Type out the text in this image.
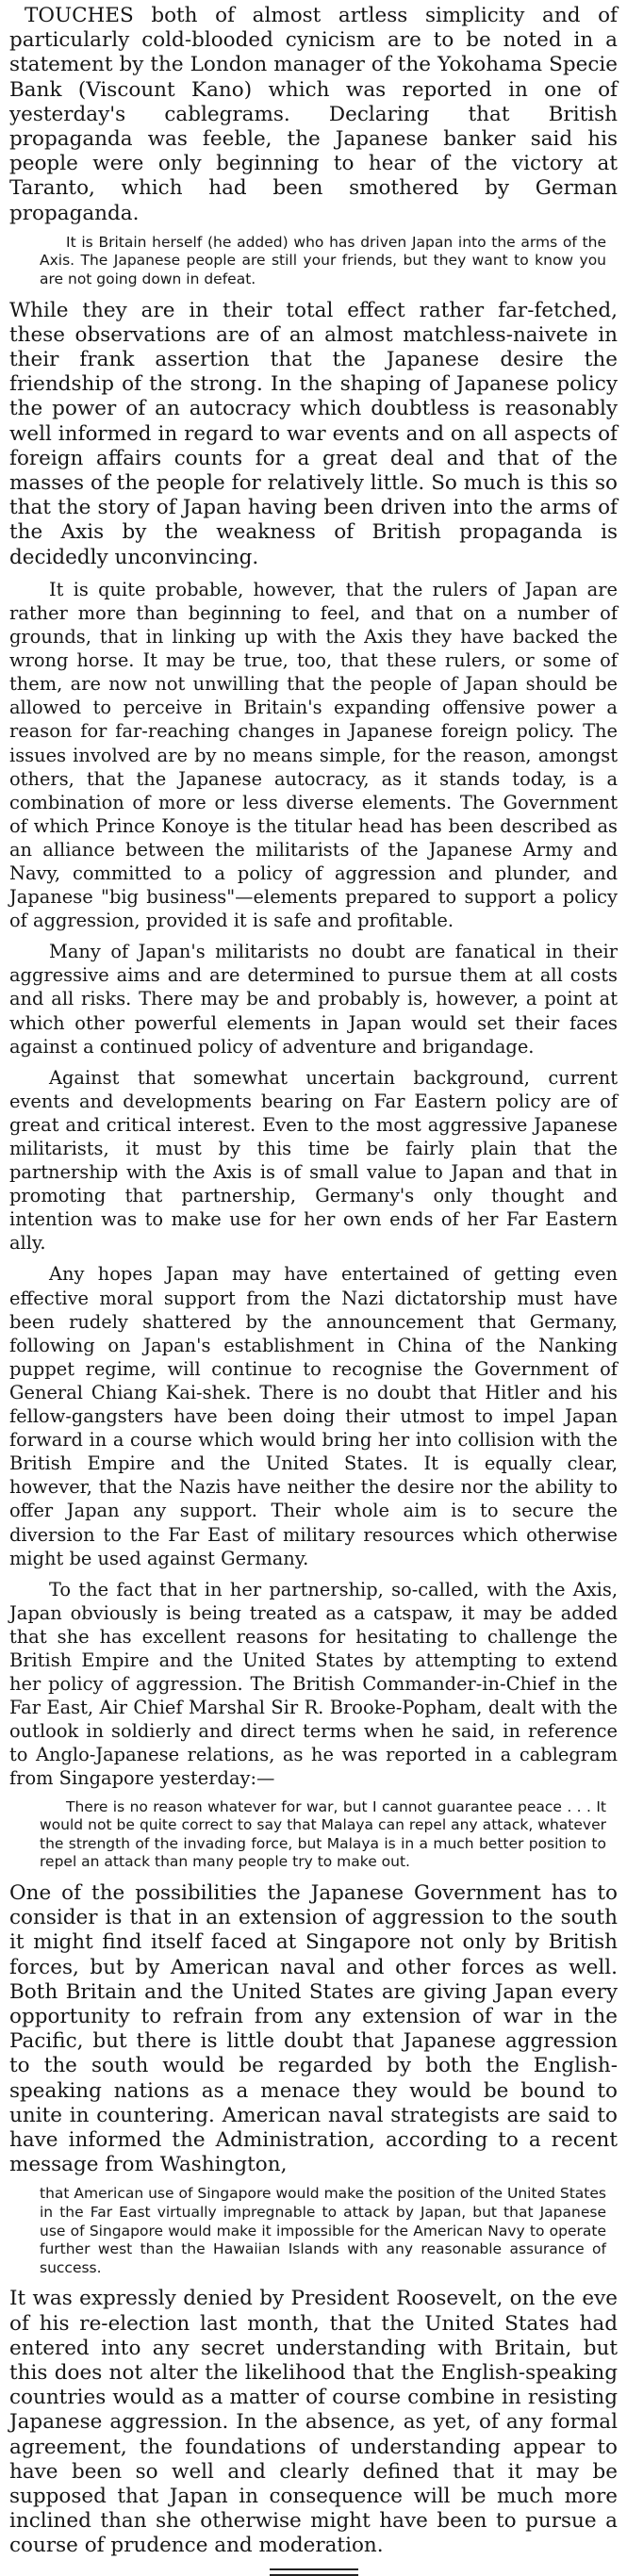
TOUCHES both of almost artless simplicity and of particularly cold-blooded cynicism are to be noted in a statement by the London manager of the Yokohama Specie Bank (Viscount Kano) which was reported in one of yesterday's cablegrams. Declaring that British propaganda was feeble, the Japanese banker said his people were only beginning to hear of the victory at Taranto, which had been smothered by German propaganda.

It is Britain herself (he added) who has driven Japan into the arms of the Axis. The Japanese people are still your friends, but they want to know you are not going down in defeat.

While they are in their total effect rather far-fetched, these observations are of an almost matchless-naivete in their frank assertion that the Japanese desire the friendship of the strong. In the shaping of Japanese policy the power of an autocracy which doubtless is reasonably well informed in regard to war events and on all aspects of foreign affairs counts for a great deal and that of the masses of the people for relatively little. So much is this so that the story of Japan having been driven into the arms of the Axis by the weakness of British propaganda is decidedly unconvincing.

It is quite probable, however, that the rulers of Japan are rather more than beginning to feel, and that on a number of grounds, that in linking up with the Axis they have backed the wrong horse. It may be true, too, that these rulers, or some of them, are now not unwilling that the people of Japan should be allowed to perceive in Britain's expanding offensive power a reason for far-reaching changes in Japanese foreign policy. The issues involved are by no means simple, for the reason, amongst others, that the Japanese autocracy, as it stands today, is a combination of more or less diverse elements. The Government of which Prince Konoye is the titular head has been described as an alliance between the militarists of the Japanese Army and Navy, committed to a policy of aggression and plunder, and Japanese "big business"—elements prepared to support a policy of aggression, provided it is safe and profitable.

Many of Japan's militarists no doubt are fanatical in their aggressive aims and are determined to pursue them at all costs and all risks. There may be and probably is, however, a point at which other powerful elements in Japan would set their faces against a continued policy of adventure and brigandage.

Against that somewhat uncertain background, current events and developments bearing on Far Eastern policy are of great and critical interest. Even to the most aggressive Japanese militarists, it must by this time be fairly plain that the partnership with the Axis is of small value to Japan and that in promoting that partnership, Germany's only thought and intention was to make use for her own ends of her Far Eastern ally.

Any hopes Japan may have entertained of getting even effective moral support from the Nazi dictatorship must have been rudely shattered by the announcement that Germany, following on Japan's establishment in China of the Nanking puppet regime, will continue to recognise the Government of General Chiang Kai-shek. There is no doubt that Hitler and his fellow-gangsters have been doing their utmost to impel Japan forward in a course which would bring her into collision with the British Empire and the United States. It is equally clear, however, that the Nazis have neither the desire nor the ability to offer Japan any support. Their whole aim is to secure the diversion to the Far East of military resources which otherwise might be used against Germany.

To the fact that in her partnership, so-called, with the Axis, Japan obviously is being treated as a catspaw, it may be added that she has excellent reasons for hesitating to challenge the British Empire and the United States by attempting to extend her policy of aggression. The British Commander-in-Chief in the Far East, Air Chief Marshal Sir R. Brooke-Popham, dealt with the outlook in soldierly and direct terms when he said, in reference to Anglo-Japanese relations, as he was reported in a cablegram from Singapore yesterday:—

There is no reason whatever for war, but I cannot guarantee peace . . . It would not be quite correct to say that Malaya can repel any attack, whatever the strength of the invading force, but Malaya is in a much better position to repel an attack than many people try to make out.

One of the possibilities the Japanese Government has to consider is that in an extension of aggression to the south it might find itself faced at Singapore not only by British forces, but by American naval and other forces as well. Both Britain and the United States are giving Japan every opportunity to refrain from any extension of war in the Pacific, but there is little doubt that Japanese aggression to the south would be regarded by both the English-speaking nations as a menace they would be bound to unite in countering. American naval strategists are said to have informed the Administration, according to a recent message from Washington,

that American use of Singapore would make the position of the United States in the Far East virtually impregnable to attack by Japan, but that Japanese use of Singapore would make it impossible for the American Navy to operate further west than the Hawaiian Islands with any reasonable assurance of success.

It was expressly denied by President Roosevelt, on the eve of his re-election last month, that the United States had entered into any secret understanding with Britain, but this does not alter the likelihood that the English-speaking countries would as a matter of course combine in resisting Japanese aggression. In the absence, as yet, of any formal agreement, the foundations of understanding appear to have been so well and clearly defined that it may be supposed that Japan in consequence will be much more inclined than she otherwise might have been to pursue a course of prudence and moderation.
